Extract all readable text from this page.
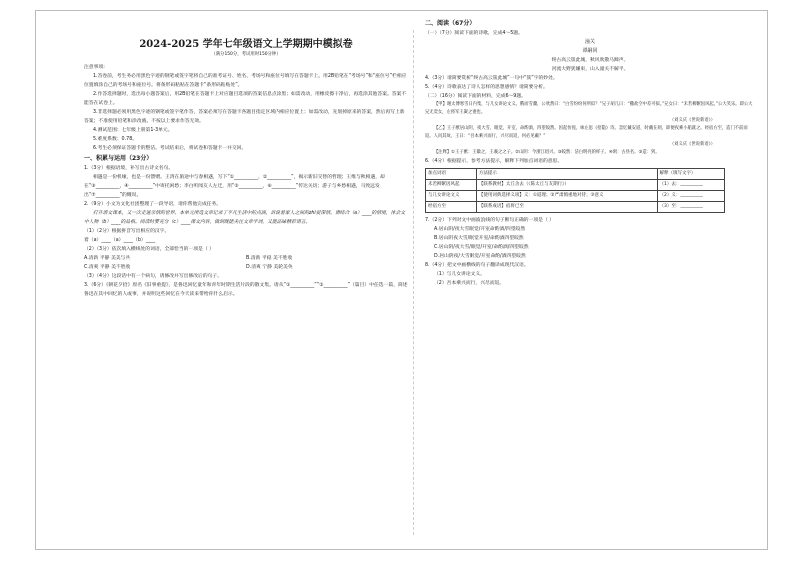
2024-2025 学年七年级语文上学期期中模拟卷
（满分150分，考试用时150分钟）

注意事项:

1.答卷前，考生务必用黑色字迹的钢笔或签字笔将自己的准考证号、姓名、考场号和座位号填写在答题卡上。用2B铅笔在“考场号”和“座位号”栏相应位置填涂自己的考场号和座位号。将条形码粘贴在答题卡“条形码粘贴处”。

2.作答选择题时，选出每小题答案后，用2B铅笔在答题卡上对应题目选项的答案信息点涂黑；如需改动，用橡皮擦干净后，再选涂其他答案。答案不能答在试卷上。

3.非选择题必须用黑色字迹的钢笔或签字笔作答，答案必须写在答题卡各题目指定区域内相应位置上；如需改动，先划掉原来的答案，然后再写上新答案；不准使用铅笔和涂改液。不按以上要求作答无效。

4.测试范围：七年级上册第1-3单元。

5.难度系数：0.78。

6.考生必须保证答题卡的整洁。考试结束后，将试卷和答题卡一并交回。

一、积累与运用（23分）

1.（3分）根据语境，补写出古诗文名句。

相遇是一份机缘，也是一份馈赠。王湾在旅途中与春相遇，写下“①__________，②__________”，揭示新旧交替的哲理；王维与秋相遇，却在“③__________，④__________”中寄托闲愁；李白听闻友人左迁，用“⑤__________，⑥__________”传达关切；游子与乡愁相遇，马致远发出“⑦__________”的慨叹。

2.（9分）小文为文化社团整理了一段导语，请你帮他完成任务。

打开语文课本，又一次走进亲情的世界。本单元所选文章记录了平凡生活中的点滴，诉说着家人之间的zhì爱深情。请结合（a）____的情境，体会文中人物（b）____的品格。阅读时要充分（c）____课文内容，做到既能关注文章字词，又能品味精彩语言。

（1）（2分）根据拼音写出相应的汉字。

着（a）____（a）____（b）____

（2）（3分）依次填入横线处的词语，全部恰当的一项是（ ）

A.清新 平静 美美与共	B.清新 平稳 美不胜收
C.清爽 平静 美不胜收	D.清爽 宁静 美轮美奂

（3）（4分）这段话中有一个病句，请修改并写出修改后的句子。

3.（6分）《朝花夕拾》原名《旧事重提》，是鲁迅回忆童年和青年时期生活片段的散文集。请从“①__________”“②__________”（篇目）中任选一篇，简述鲁迅在其中回忆的人或事，并说明这些回忆在今天读来带给你什么启示。

二、阅读（67分）

（一）（7分）阅读下面的诗歌，完成4～5题。

潼关
谭嗣同

终古高云簇此城，秋风吹散马蹄声。

河流大野犹嫌束，山入潼关不解平。

4.（3分）请简要赏析“终古高云簇此城”一句中“簇”字的妙处。

5.（4分）诗歌表达了诗人怎样的思想感情？请简要分析。

（二）（16分）阅读下面的材料，完成6～9题。

【甲】谢太傅寒雪日内集，与儿女讲论文义。俄而雪骤，公欣然曰：“白雪纷纷何所似？”兄子胡儿曰：“撒盐空中差可拟。”兄女曰：“未若柳絮因风起。”公大笑乐。即公大兄无奕女，左将军王凝之妻也。

（刘义庆《世说新语》）

【乙】王子猷居山阴，夜大雪，眠觉，开室，命酌酒，四望皎然。因起彷徨，咏左思《招隐》诗。忽忆戴安道，时戴在剡，即便夜乘小船就之。经宿方至，造门不前而返。人问其故，王曰：“吾本乘兴而行，兴尽而返，何必见戴？”

（刘义庆《世说新语》）

【注释】①王子猷：王徽之，王羲之之子。②山阴：今浙江绍兴。③皎然：洁白明亮的样子。④剡：古县名。⑤造：到。

6.（4分）根据提示，参考方法提示，解释下列加点词语的意思。

加点词语	方法提示	解释（填写文字）
未若柳絮因风起	【联系教材】太丘舍去（《陈太丘与友期行》）	（1）去：__________
与儿女讲论文义	【使用词典选择义项】义：①道理；②严肃慎重地对待；③意义	（2）义：__________
经宿方至	【联系成语】宿将已至	（3）至：__________

7.（2分）下列对文中画波浪线的句子断句正确的一项是（ ）

A.居山阴/夜大雪眠觉/开室命酌酒/四望皎然

B.居山阴夜大雪/眠觉开室/命酌酒四望皎然

C.居山阴/夜大雪/眠觉/开室/命酌酒/四望皎然

D.居山阴夜/大雪眠觉/开室命酌/酒四望皎然

8.（4分）把文中画横线的句子翻译成现代汉语。

（1）与儿女讲论文义。

（2）吾本乘兴而行，兴尽而返。
